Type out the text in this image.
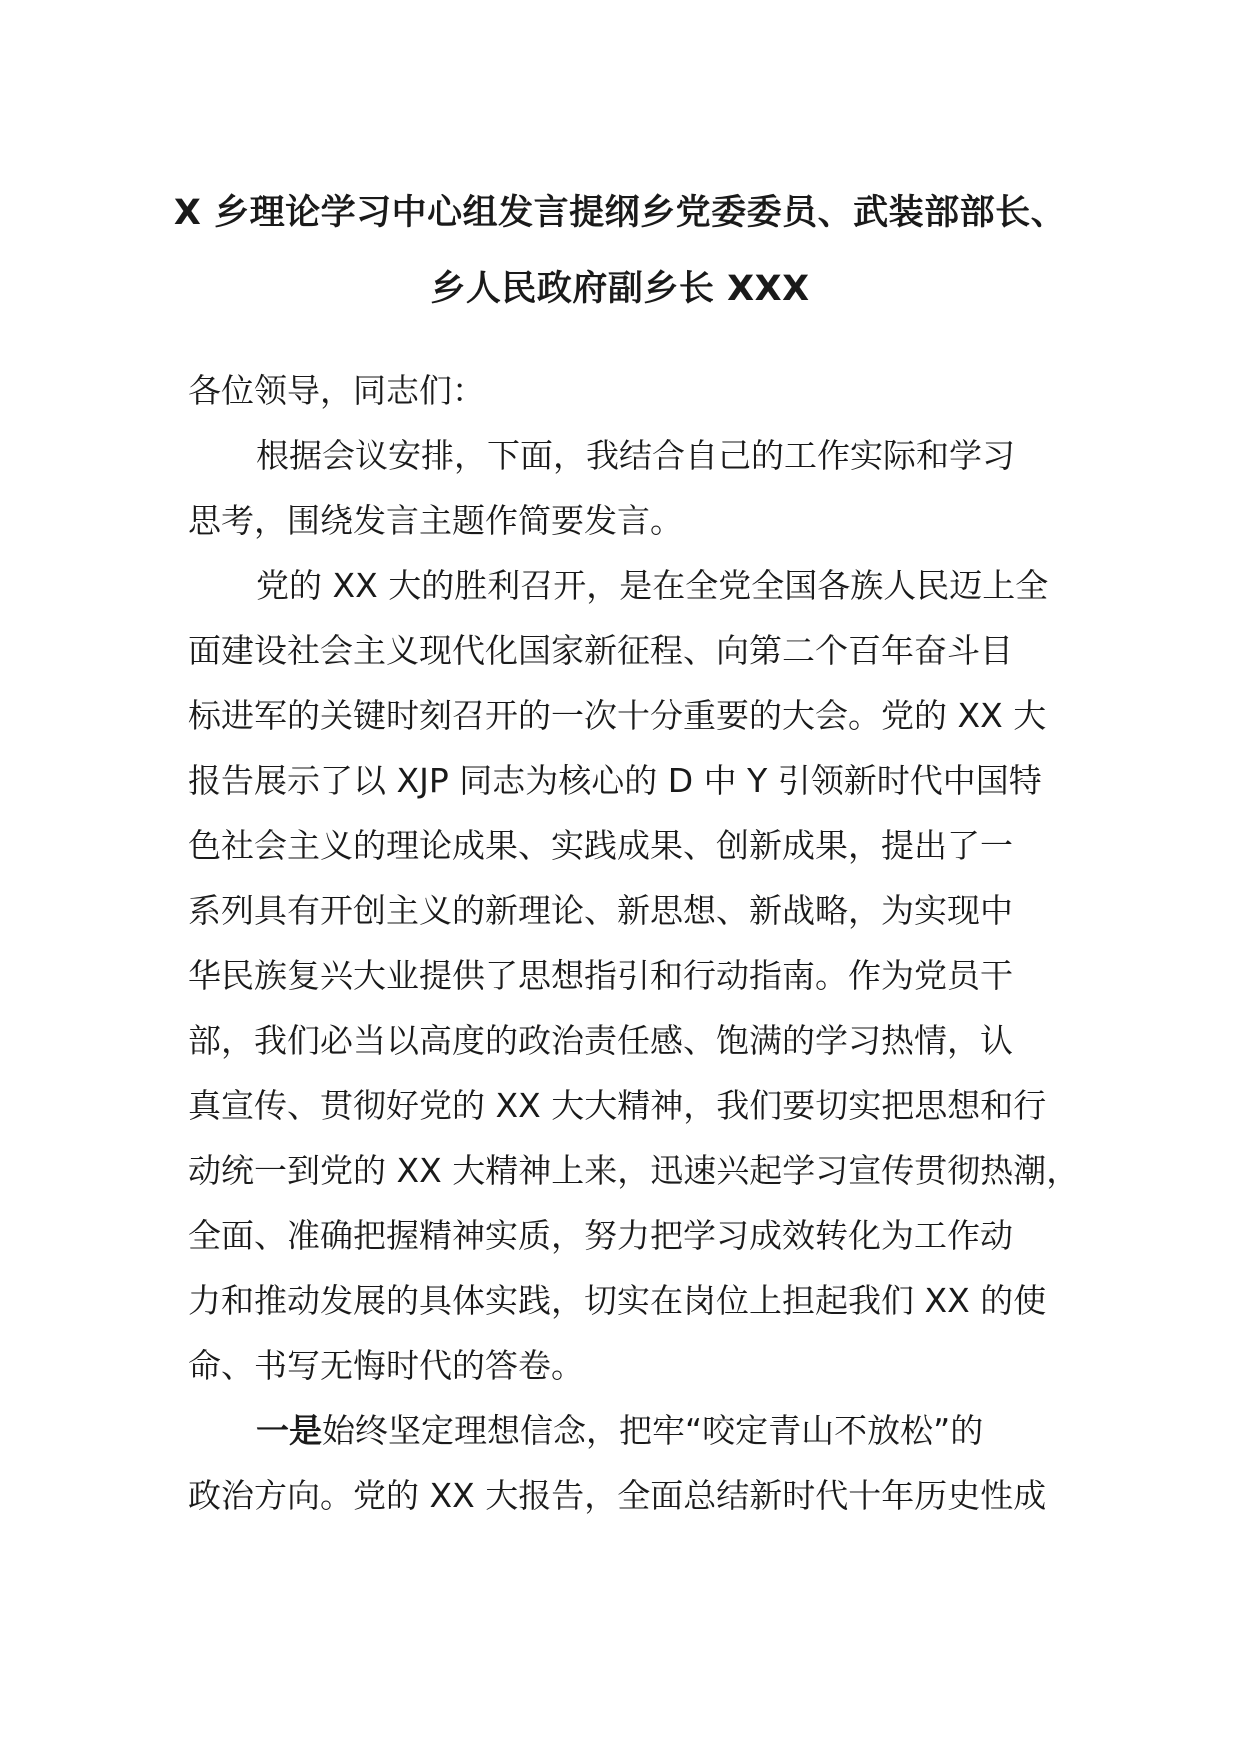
X 乡理论学习中心组发言提纲乡党委委员、武装部部长、
乡人民政府副乡长 XXX
各位领导，同志们：
根据会议安排，下面，我结合自己的工作实际和学习
思考，围绕发言主题作简要发言。
党的 XX 大的胜利召开，是在全党全国各族人民迈上全
面建设社会主义现代化国家新征程、向第二个百年奋斗目
标进军的关键时刻召开的一次十分重要的大会。党的 XX 大
报告展示了以 XJP 同志为核心的 D 中 Y 引领新时代中国特
色社会主义的理论成果、实践成果、创新成果，提出了一
系列具有开创主义的新理论、新思想、新战略，为实现中
华民族复兴大业提供了思想指引和行动指南。作为党员干
部，我们必当以高度的政治责任感、饱满的学习热情，认
真宣传、贯彻好党的 XX 大大精神，我们要切实把思想和行
动统一到党的 XX 大精神上来，迅速兴起学习宣传贯彻热潮，
全面、准确把握精神实质，努力把学习成效转化为工作动
力和推动发展的具体实践，切实在岗位上担起我们 XX 的使
命、书写无悔时代的答卷。
一是始终坚定理想信念，把牢“咬定青山不放松”的
政治方向。党的 XX 大报告，全面总结新时代十年历史性成
